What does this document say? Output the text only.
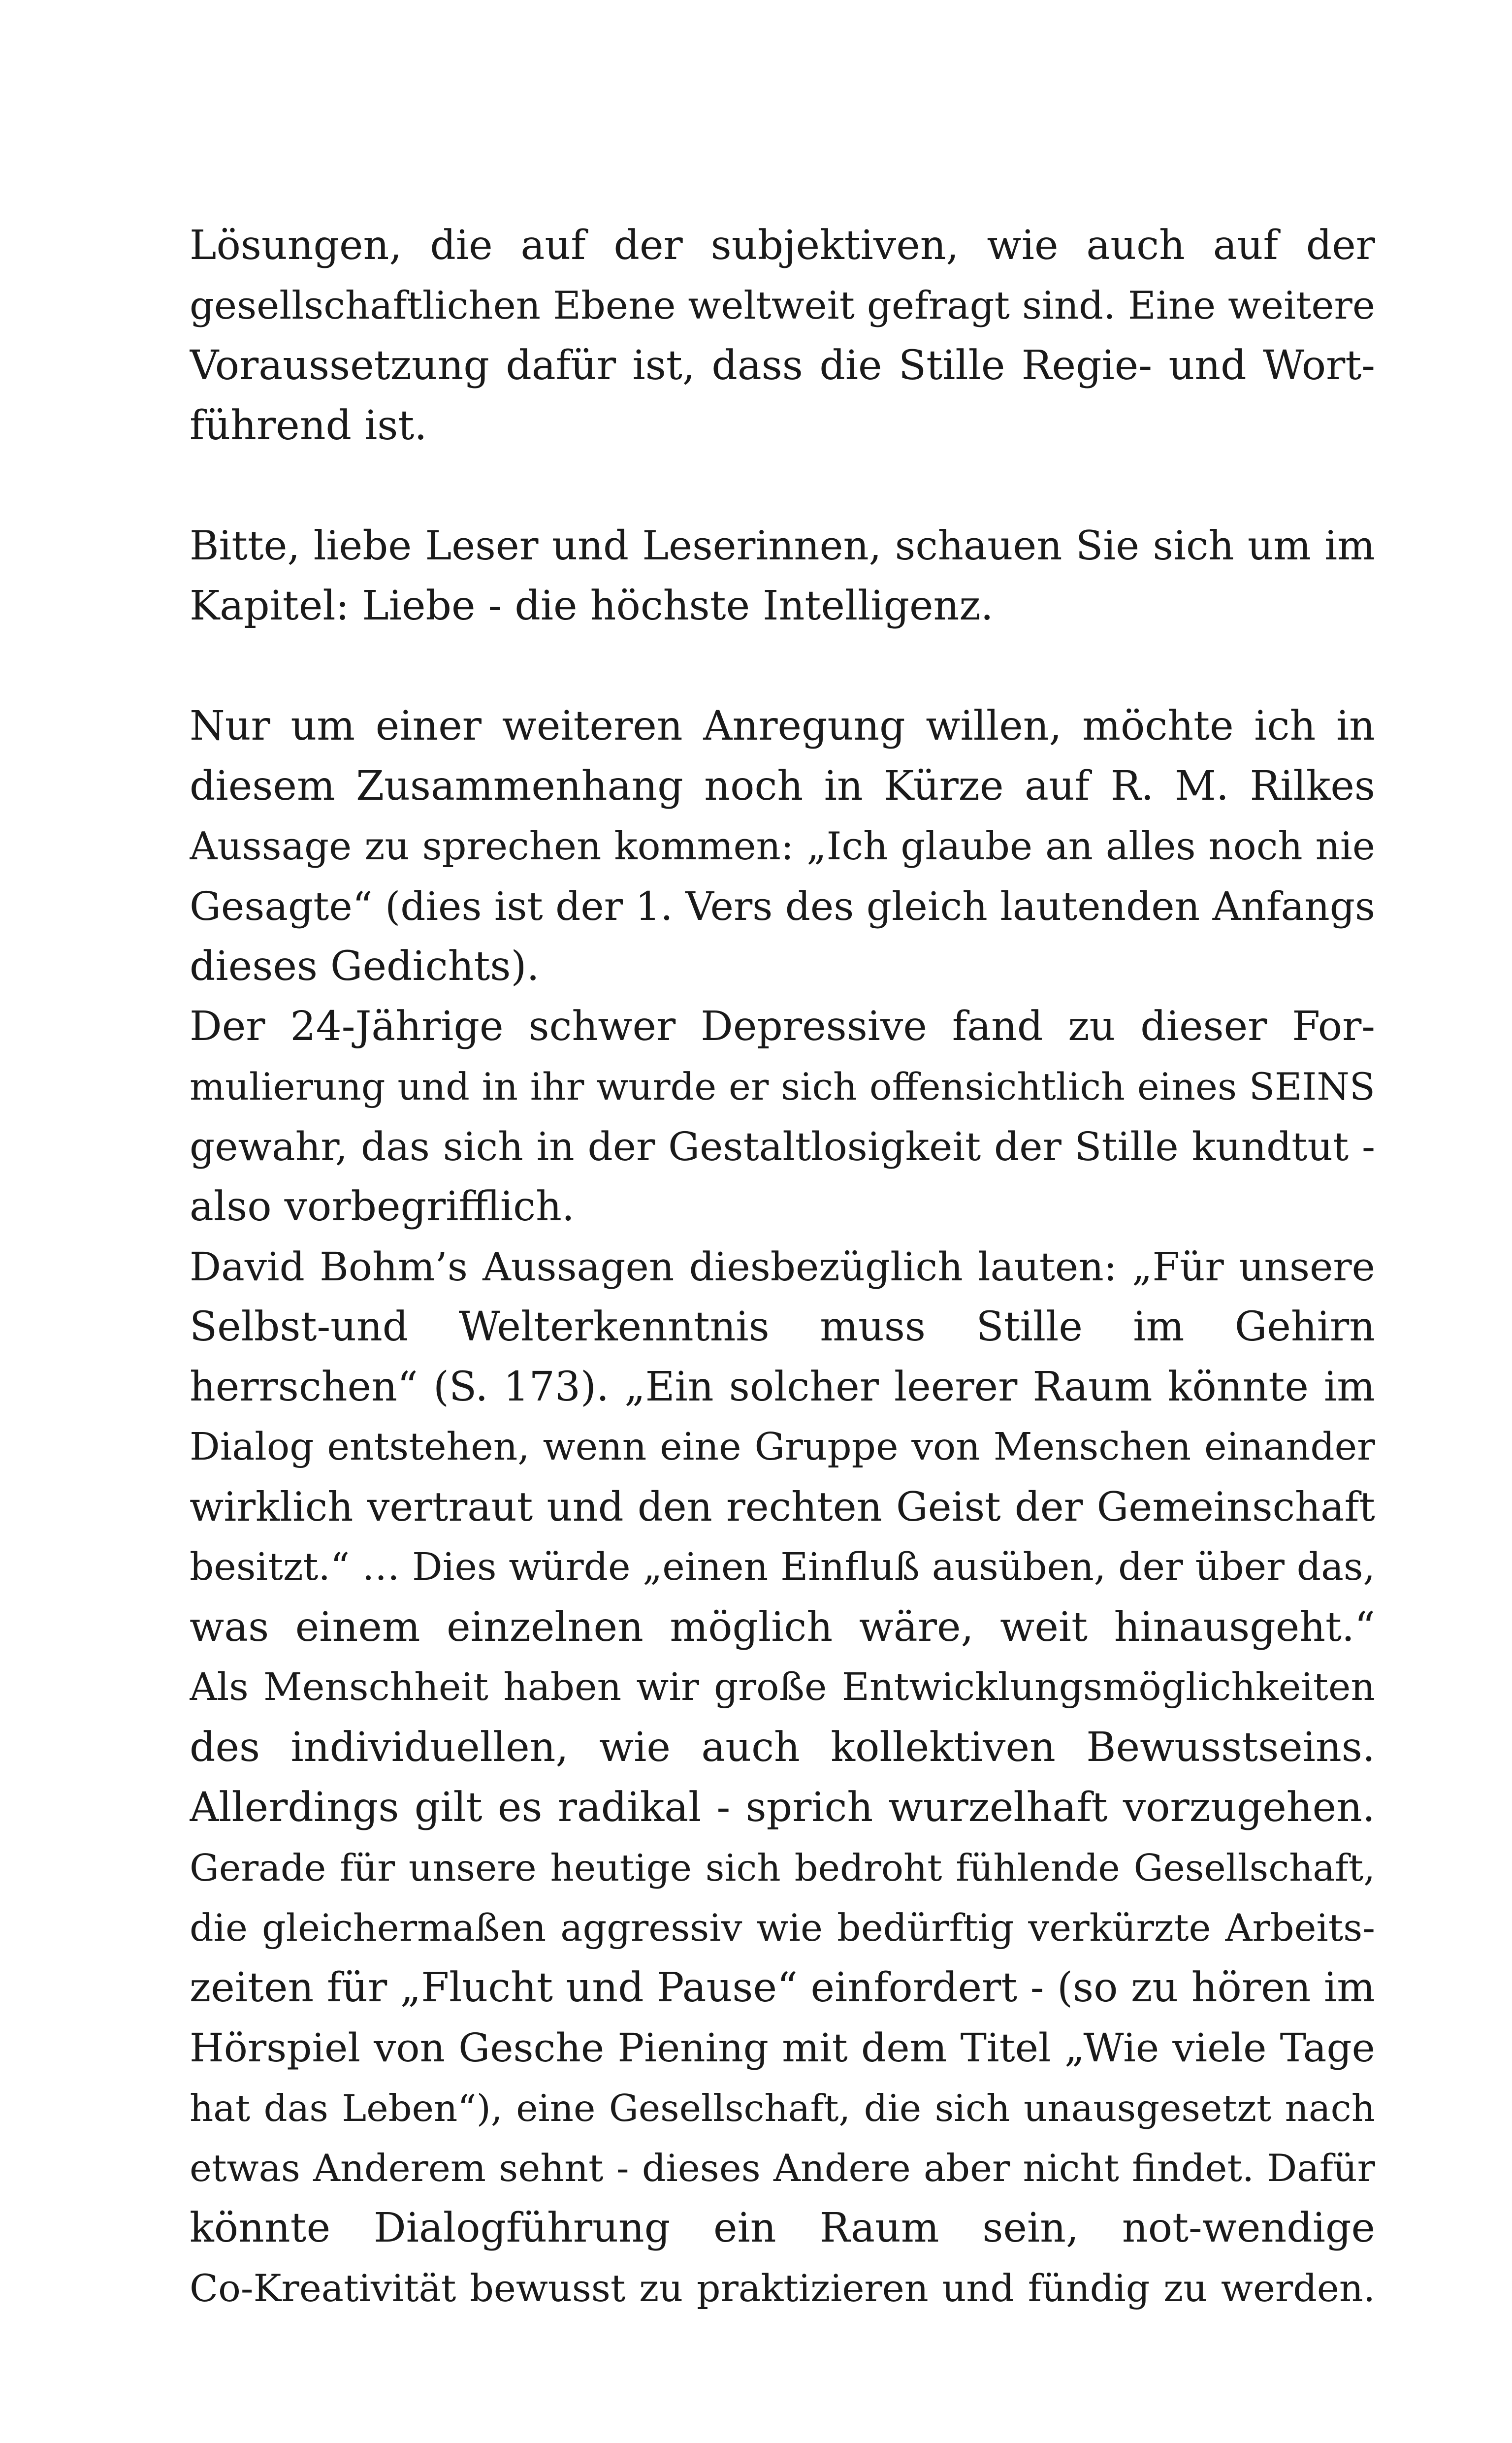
Lösungen, die auf der subjektiven, wie auch auf der
gesellschaftlichen Ebene weltweit gefragt sind. Eine weitere
Voraussetzung dafür ist, dass die Stille Regie- und Wort-
führend ist.
Bitte, liebe Leser und Leserinnen, schauen Sie sich um im
Kapitel: Liebe - die höchste Intelligenz.
Nur um einer weiteren Anregung willen, möchte ich in
diesem Zusammenhang noch in Kürze auf R. M. Rilkes
Aussage zu sprechen kommen: „Ich glaube an alles noch nie
Gesagte“ (dies ist der 1. Vers des gleich lautenden Anfangs
dieses Gedichts).
Der 24-Jährige schwer Depressive fand zu dieser For-
mulierung und in ihr wurde er sich offensichtlich eines SEINS
gewahr, das sich in der Gestaltlosigkeit der Stille kundtut -
also vorbegrifflich.
David Bohm’s Aussagen diesbezüglich lauten: „Für unsere
Selbst-und Welterkenntnis muss Stille im Gehirn
herrschen“ (S. 173). „Ein solcher leerer Raum könnte im
Dialog entstehen, wenn eine Gruppe von Menschen einander
wirklich vertraut und den rechten Geist der Gemeinschaft
besitzt.“ … Dies würde „einen Einfluß ausüben, der über das,
was einem einzelnen möglich wäre, weit hinausgeht.“
Als Menschheit haben wir große Entwicklungsmöglichkeiten
des individuellen, wie auch kollektiven Bewusstseins.
Allerdings gilt es radikal - sprich wurzelhaft vorzugehen.
Gerade für unsere heutige sich bedroht fühlende Gesellschaft,
die gleichermaßen aggressiv wie bedürftig verkürzte Arbeits-
zeiten für „Flucht und Pause“ einfordert - (so zu hören im
Hörspiel von Gesche Piening mit dem Titel „Wie viele Tage
hat das Leben“), eine Gesellschaft, die sich unausgesetzt nach
etwas Anderem sehnt - dieses Andere aber nicht findet. Dafür
könnte Dialogführung ein Raum sein, not-wendige
Co-Kreativität bewusst zu praktizieren und fündig zu werden.
